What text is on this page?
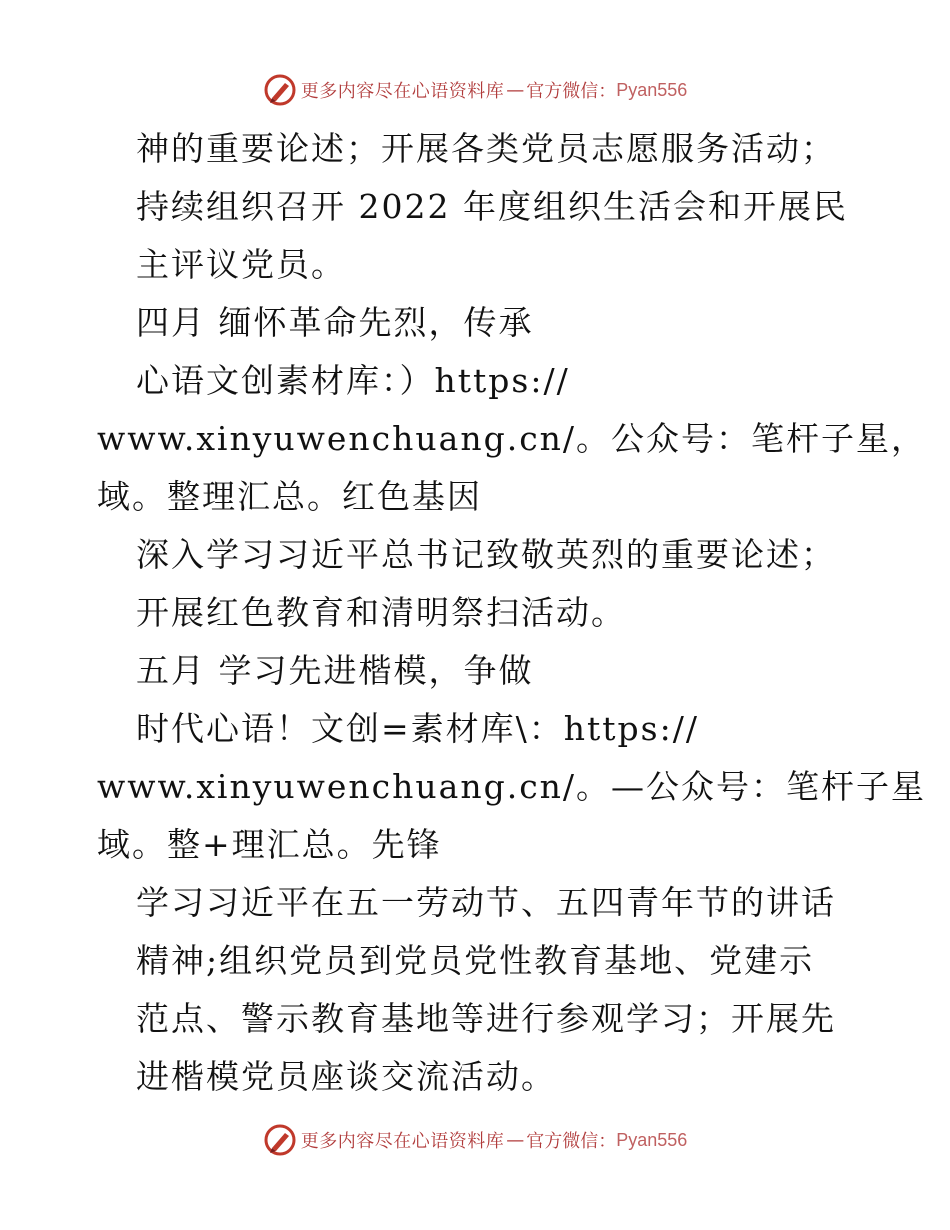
更多内容尽在心语资料库 — 官方微信： Pyan556
神的重要论述；开展各类党员志愿服务活动；
持续组织召开 2022 年度组织生活会和开展民
主评议党员。
四月 缅怀革命先烈，传承
心语文创素材库：）https://
www.xinyuwenchuang.cn/。公众号：笔杆子星，
域。整理汇总。红色基因
深入学习习近平总书记致敬英烈的重要论述；
开展红色教育和清明祭扫活动。
五月 学习先进楷模，争做
时代心语！文创=素材库\：https://
www.xinyuwenchuang.cn/。—公众号：笔杆子星
域。整+理汇总。先锋
学习习近平在五一劳动节、五四青年节的讲话
精神;组织党员到党员党性教育基地、党建示
范点、警示教育基地等进行参观学习；开展先
进楷模党员座谈交流活动。
更多内容尽在心语资料库 — 官方微信： Pyan556
